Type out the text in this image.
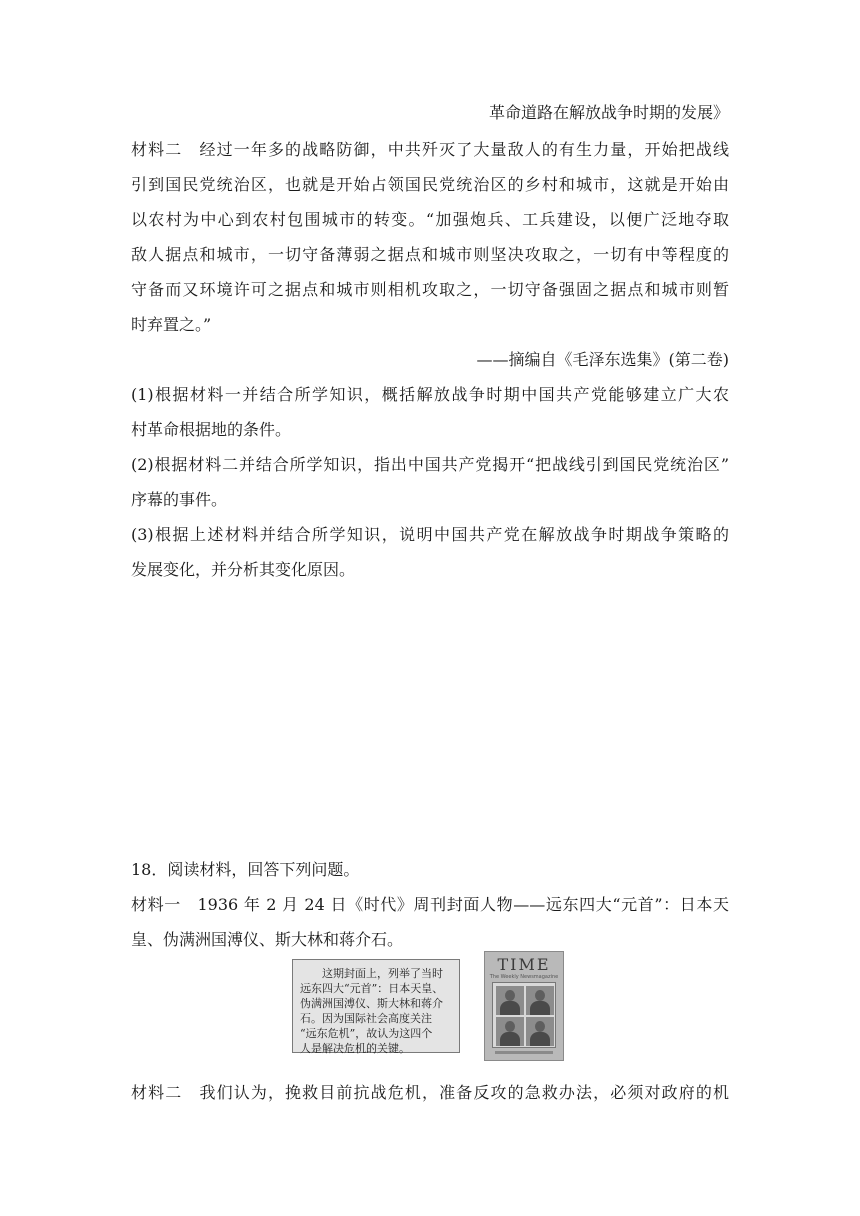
革命道路在解放战争时期的发展》
材料二　经过一年多的战略防御，中共歼灭了大量敌人的有生力量，开始把战线
引到国民党统治区，也就是开始占领国民党统治区的乡村和城市，这就是开始由
以农村为中心到农村包围城市的转变。“加强炮兵、工兵建设，以便广泛地夺取
敌人据点和城市，一切守备薄弱之据点和城市则坚决攻取之，一切有中等程度的
守备而又环境许可之据点和城市则相机攻取之，一切守备强固之据点和城市则暂
时弃置之。”
——摘编自《毛泽东选集》(第二卷)
(1)根据材料一并结合所学知识，概括解放战争时期中国共产党能够建立广大农
村革命根据地的条件。
(2)根据材料二并结合所学知识，指出中国共产党揭开“把战线引到国民党统治区”
序幕的事件。
(3)根据上述材料并结合所学知识，说明中国共产党在解放战争时期战争策略的
发展变化，并分析其变化原因。
18．阅读材料，回答下列问题。
材料一　1936 年 2 月 24 日《时代》周刊封面人物——远东四大“元首”：日本天
皇、伪满洲国溥仪、斯大林和蒋介石。
　　这期封面上，列举了当时
远东四大“元首”：日本天皇、
伪满洲国溥仪、斯大林和蒋介
石。因为国际社会高度关注
“远东危机”，故认为这四个
人是解决危机的关键。
TIME
The Weekly Newsmagazine
材料二　我们认为，挽救目前抗战危机，准备反攻的急救办法，必须对政府的机
